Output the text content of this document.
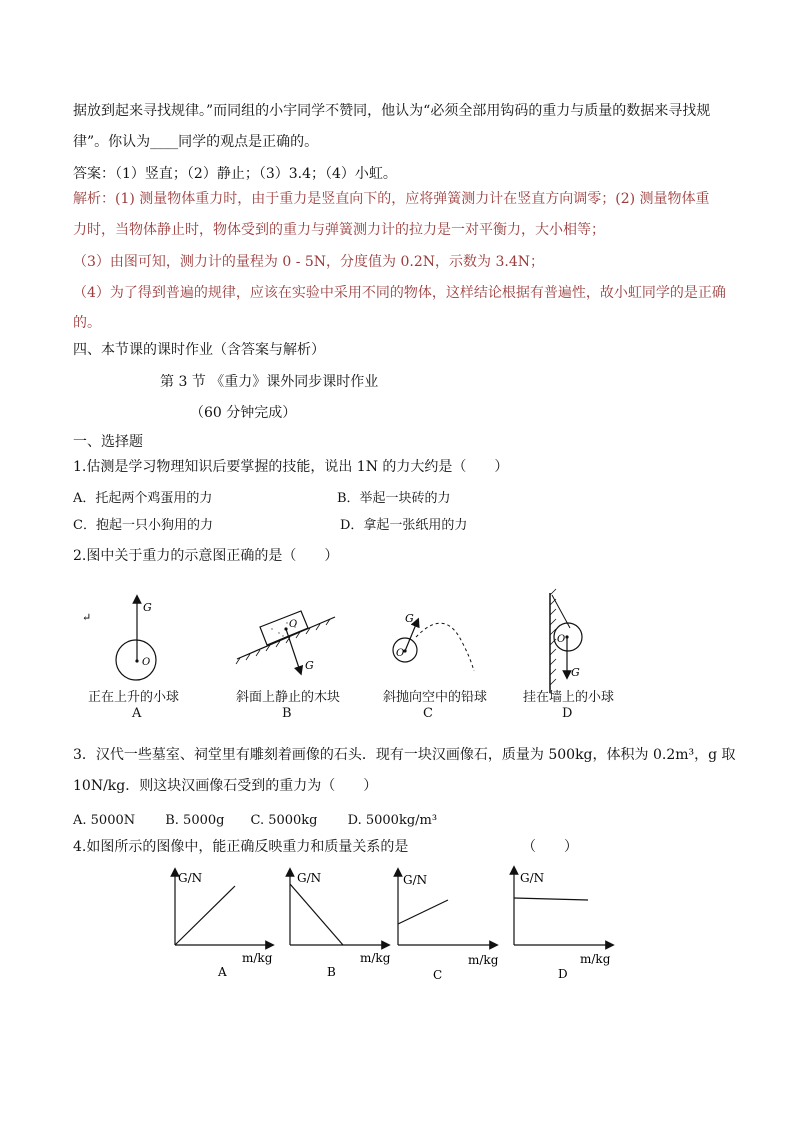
据放到起来寻找规律。”而同组的小宇同学不赞同，他认为“必须全部用钩码的重力与质量的数据来寻找规
律”。你认为____同学的观点是正确的。
答案：（1）竖直；（2）静止；（3）3.4；（4）小虹。
解析：(1) 测量物体重力时，由于重力是竖直向下的，应将弹簧测力计在竖直方向调零；(2) 测量物体重
力时，当物体静止时，物体受到的重力与弹簧测力计的拉力是一对平衡力，大小相等；
（3）由图可知，测力计的量程为 0 - 5N，分度值为 0.2N，示数为 3.4N；
（4）为了得到普遍的规律，应该在实验中采用不同的物体，这样结论根据有普遍性，故小虹同学的是正确
的。
四、本节课的课时作业（含答案与解析）
第 3 节 《重力》课外同步课时作业
（60 分钟完成）
一、选择题
1.估测是学习物理知识后要掌握的技能，说出 1N 的力大约是（　　）
A．托起两个鸡蛋用的力	B．举起一块砖的力
C．抱起一只小狗用的力	D．拿起一张纸用的力
2.图中关于重力的示意图正确的是（　　）
↵
G
O
O
G
G
O
O
G
正在上升的小球	斜面上静止的木块	斜抛向空中的铅球	挂在墙上的小球
A	B	C	D
3．汉代一些墓室、祠堂里有雕刻着画像的石头．现有一块汉画像石，质量为 500kg，体积为 0.2m³，g 取
10N/kg．则这块汉画像石受到的重力为（　　）
A. 5000N　　 B. 5000g　　C. 5000kg　　 D. 5000kg/m³
4.如图所示的图像中，能正确反映重力和质量关系的是	（　　）
G/N
m/kg
A
G/N
m/kg
B
G/N
m/kg
C
G/N
m/kg
D
